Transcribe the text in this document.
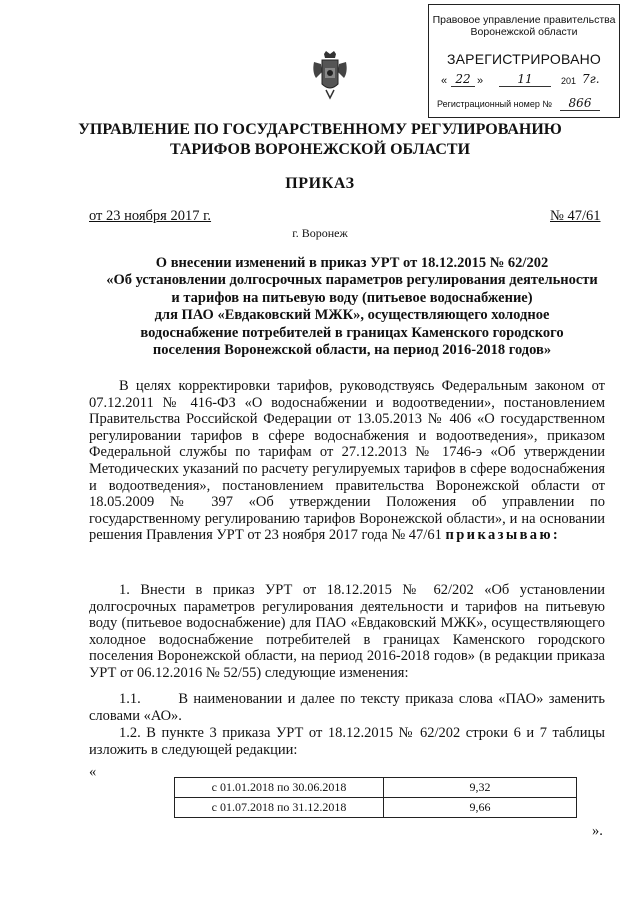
Правовое управление правительства
Воронежской области
ЗАРЕГИСТРИРОВАНО
« 22 »	11	201 7г.
Регистрационный номер №	866
УПРАВЛЕНИЕ ПО ГОСУДАРСТВЕННОМУ РЕГУЛИРОВАНИЮ
ТАРИФОВ ВОРОНЕЖСКОЙ ОБЛАСТИ
ПРИКАЗ
от 23 ноября 2017 г.	№ 47/61
г. Воронеж
О внесении изменений в приказ УРТ от 18.12.2015 № 62/202
«Об установлении долгосрочных параметров регулирования деятельности
и тарифов на питьевую воду (питьевое водоснабжение)
для ПАО «Евдаковский МЖК», осуществляющего холодное
водоснабжение потребителей в границах Каменского городского
поселения Воронежской области, на период 2016-2018 годов»
В целях корректировки тарифов, руководствуясь Федеральным законом от 07.12.2011 № 416-ФЗ «О водоснабжении и водоотведении», постановлением Правительства Российской Федерации от 13.05.2013 № 406 «О государственном регулировании тарифов в сфере водоснабжения и водоотведения», приказом Федеральной службы по тарифам от 27.12.2013 № 1746-э «Об утверждении Методических указаний по расчету регулируемых тарифов в сфере водоснабжения и водоотведения», постановлением правительства Воронежской области от 18.05.2009 № 397 «Об утверждении Положения об управлении по государственному регулированию тарифов Воронежской области», и на основании решения Правления УРТ от 23 ноября 2017 года № 47/61 приказываю:
1. Внести в приказ УРТ от 18.12.2015 № 62/202 «Об установлении долгосрочных параметров регулирования деятельности и тарифов на питьевую воду (питьевое водоснабжение) для ПАО «Евдаковский МЖК», осуществляющего холодное водоснабжение потребителей в границах Каменского городского поселения Воронежской области, на период 2016-2018 годов» (в редакции приказа УРТ от 06.12.2016 № 52/55) следующие изменения:
1.1.	В наименовании и далее по тексту приказа слова «ПАО» заменить словами «АО».
1.2. В пункте 3 приказа УРТ от 18.12.2015 № 62/202 строки 6 и 7 таблицы изложить в следующей редакции:
«
с 01.01.2018 по 30.06.2018	9,32
с 01.07.2018 по 31.12.2018	9,66
».
